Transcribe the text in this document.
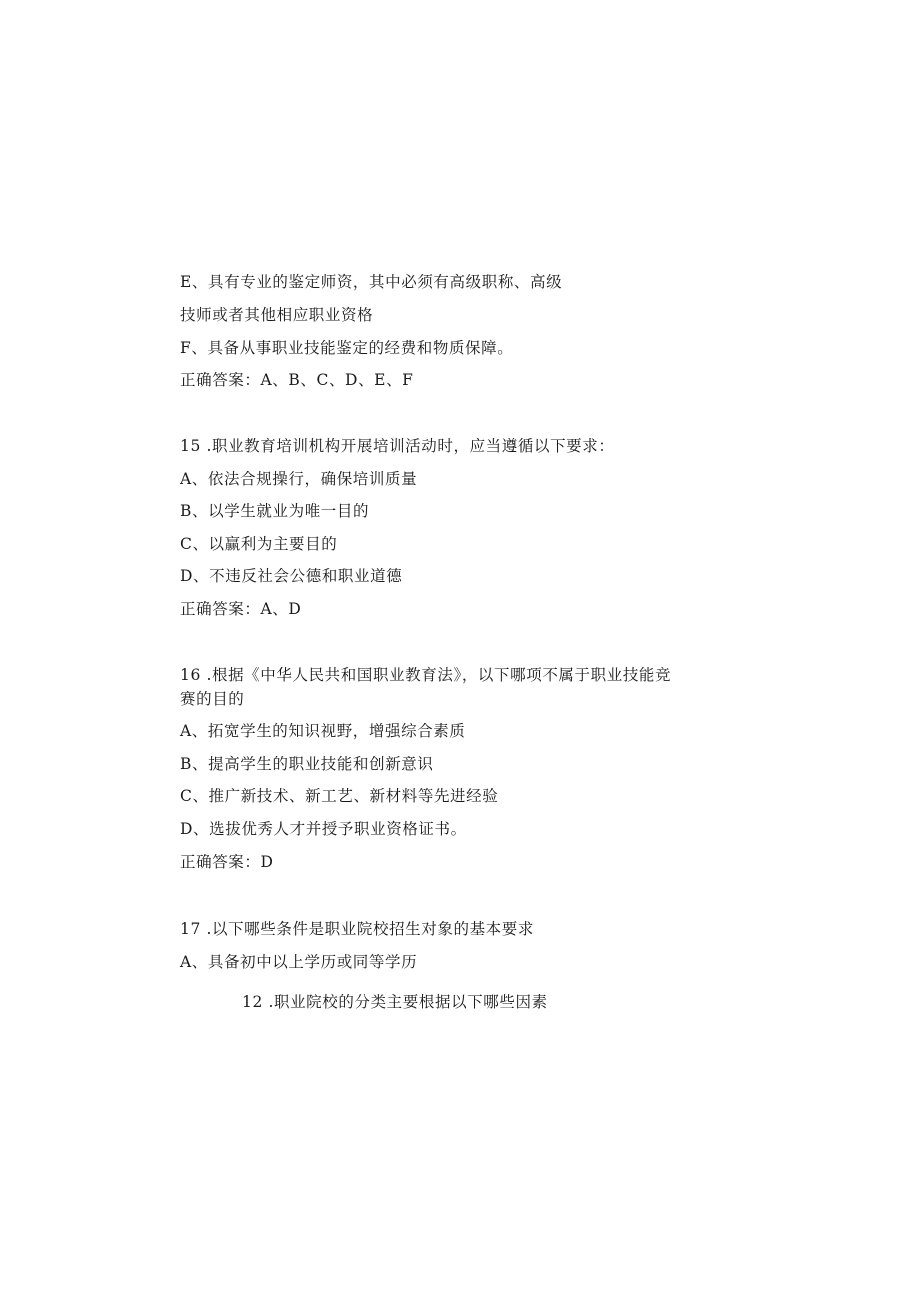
E、具有专业的鉴定师资，其中必须有高级职称、高级
技师或者其他相应职业资格
F、具备从事职业技能鉴定的经费和物质保障。
正确答案：A、B、C、D、E、F
15 .职业教育培训机构开展培训活动时，应当遵循以下要求：
A、依法合规操行，确保培训质量
B、以学生就业为唯一目的
C、以赢利为主要目的
D、不违反社会公德和职业道德
正确答案：A、D
16 .根据《中华人民共和国职业教育法》，以下哪项不属于职业技能竞
赛的目的
A、拓宽学生的知识视野，增强综合素质
B、提高学生的职业技能和创新意识
C、推广新技术、新工艺、新材料等先进经验
D、选拔优秀人才并授予职业资格证书。
正确答案：D
17 .以下哪些条件是职业院校招生对象的基本要求
A、具备初中以上学历或同等学历
12 .职业院校的分类主要根据以下哪些因素
